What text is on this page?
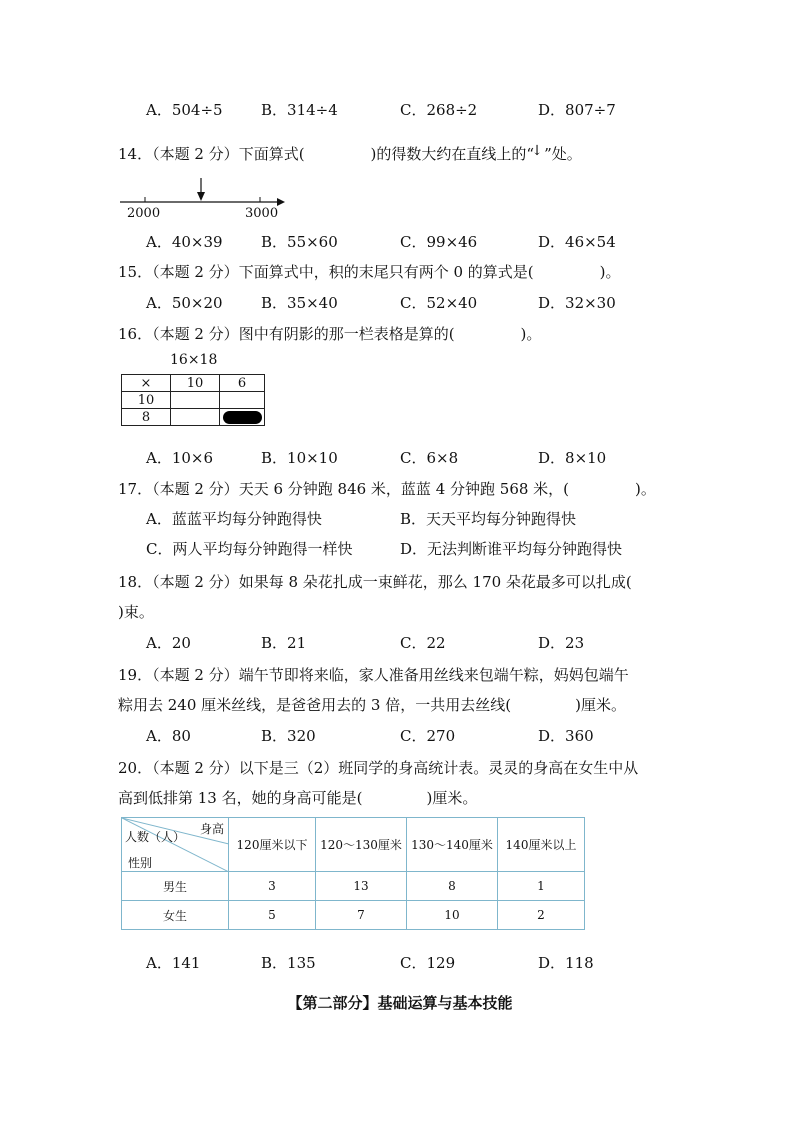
A．504÷5	B．314÷4	C．268÷2	D．807÷7
14．（本题 2 分）下面算式(	)的得数大约在直线上的“
↓ ”处。
2000	3000
A．40×39	B．55×60	C．99×46	D．46×54
15．（本题 2 分）下面算式中，积的末尾只有两个 0 的算式是(	)。
A．50×20	B．35×40	C．52×40	D．32×30
16．（本题 2 分）图中有阴影的那一栏表格是算的(	)。
16×18
×	10	6
10		
8		
A．10×6	B．10×10	C．6×8	D．8×10
17．（本题 2 分）天天 6 分钟跑 846 米，蓝蓝 4 分钟跑 568 米，(	)。
A．蓝蓝平均每分钟跑得快	B．天天平均每分钟跑得快
C．两人平均每分钟跑得一样快	D．无法判断谁平均每分钟跑得快
18．（本题 2 分）如果每 8 朵花扎成一束鲜花，那么 170 朵花最多可以扎成(
)束。
A．20	B．21	C．22	D．23
19．（本题 2 分）端午节即将来临，家人准备用丝线来包端午粽，妈妈包端午
粽用去 240 厘米丝线，是爸爸用去的 3 倍，一共用去丝线(	)厘米。
A．80	B．320	C．270	D．360
20．（本题 2 分）以下是三（2）班同学的身高统计表。灵灵的身高在女生中从
高到低排第 13 名，她的身高可能是(	)厘米。
身高
人数（人）
性别	120厘米以下	120～130厘米	130～140厘米	140厘米以上
男生	3	13	8	1
女生	5	7	10	2
A．141	B．135	C．129	D．118
【第二部分】基础运算与基本技能
